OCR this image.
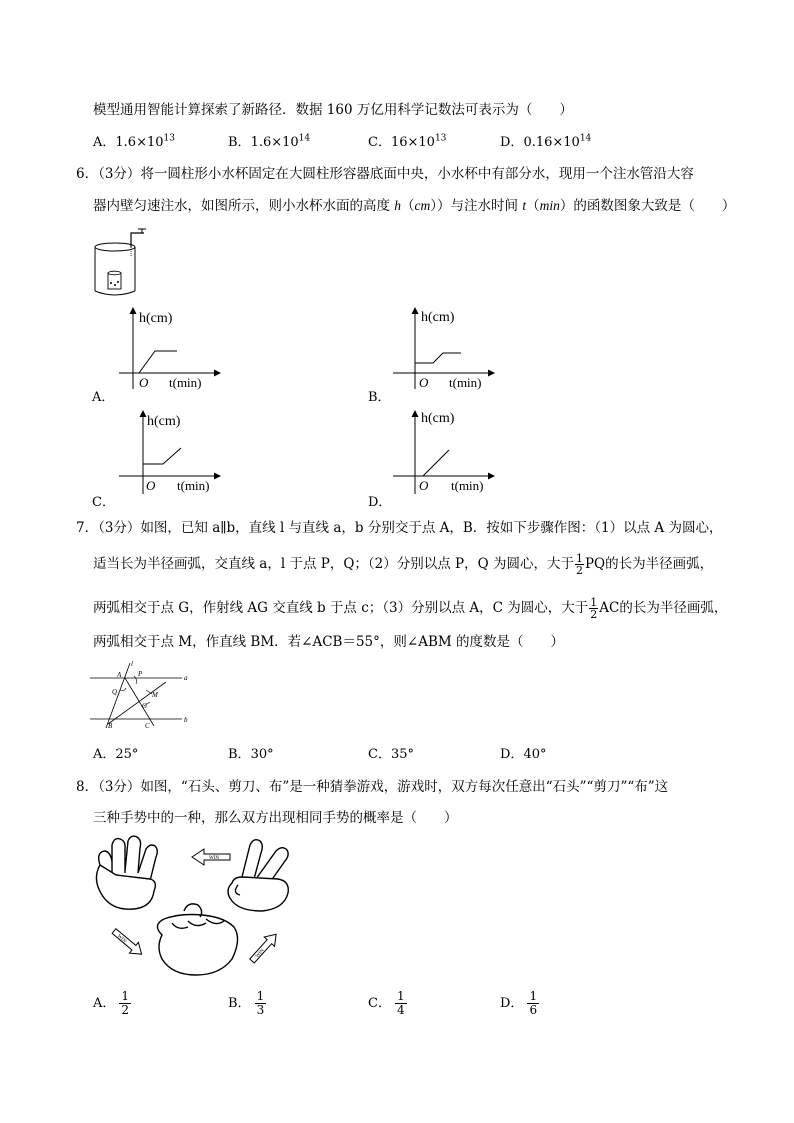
模型通用智能计算探索了新路径．数据 160 万亿用科学记数法可表示为（　　）
A．$1.6\times 10^{13}$	B．$1.6\times 10^{14}$	C．$16\times 10^{13}$	D．$0.16\times 10^{14}$
6．（3分）将一圆柱形小水杯固定在大圆柱形容器底面中央，小水杯中有部分水，现用一个注水管沿大容
器内壁匀速注水，如图所示，则小水杯水面的高度 h（cm））与注水时间 t（min）的函数图象大致是（　　）
A．
h(cm)
O t(min)
B．
h(cm)
O t(min)
C．
h(cm)
O t(min)
D．
h(cm)
O t(min)
7．（3分）如图，已知 a∥b，直线 l 与直线 a，b 分别交于点 A，B．按如下步骤作图：（1）以点 A 为圆心，
适当长为半径画弧，交直线 a，l 于点 P，Q；（2）分别以点 P，Q 为圆心，大于 $\frac{1}{2}$ PQ的长为半径画弧，
两弧相交于点 G，作射线 AG 交直线 b 于点 c；（3）分别以点 A，C 为圆心，大于 $\frac{1}{2}$ AC的长为半径画弧，
两弧相交于点 M，作直线 BM．若∠ACB＝55°，则∠ABM 的度数是（　　）
l
a
b
A P
Q	M
G
B	C
A．25°	B．30°	C．35°	D．40°
8．（3分）如图，“石头、剪刀、布”是一种猜拳游戏，游戏时，双方每次任意出“石头”“剪刀”“布”这
三种手势中的一种，那么双方出现相同手势的概率是（　　）
WIN
WIN
WIN
A． $\frac{1}{2}$	B． $\frac{1}{3}$	C． $\frac{1}{4}$	D． $\frac{1}{6}$
